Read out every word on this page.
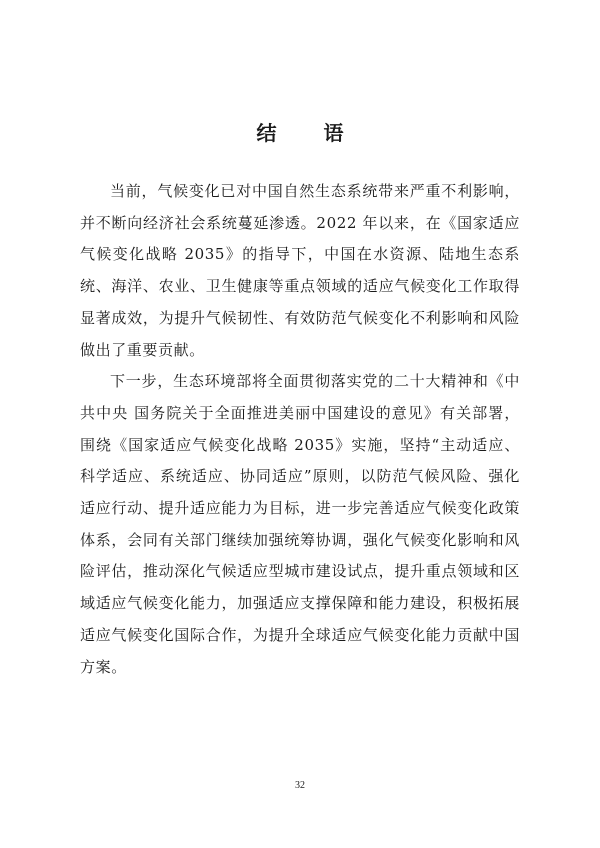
结 语

当前，气候变化已对中国自然生态系统带来严重不利影响，并不断向经济社会系统蔓延渗透。2022 年以来，在《国家适应气候变化战略 2035》的指导下，中国在水资源、陆地生态系统、海洋、农业、卫生健康等重点领域的适应气候变化工作取得显著成效，为提升气候韧性、有效防范气候变化不利影响和风险做出了重要贡献。

下一步，生态环境部将全面贯彻落实党的二十大精神和《中共中央 国务院关于全面推进美丽中国建设的意见》有关部署，围绕《国家适应气候变化战略 2035》实施，坚持“主动适应、科学适应、系统适应、协同适应”原则，以防范气候风险、强化适应行动、提升适应能力为目标，进一步完善适应气候变化政策体系，会同有关部门继续加强统筹协调，强化气候变化影响和风险评估，推动深化气候适应型城市建设试点，提升重点领域和区域适应气候变化能力，加强适应支撑保障和能力建设，积极拓展适应气候变化国际合作，为提升全球适应气候变化能力贡献中国方案。

32
